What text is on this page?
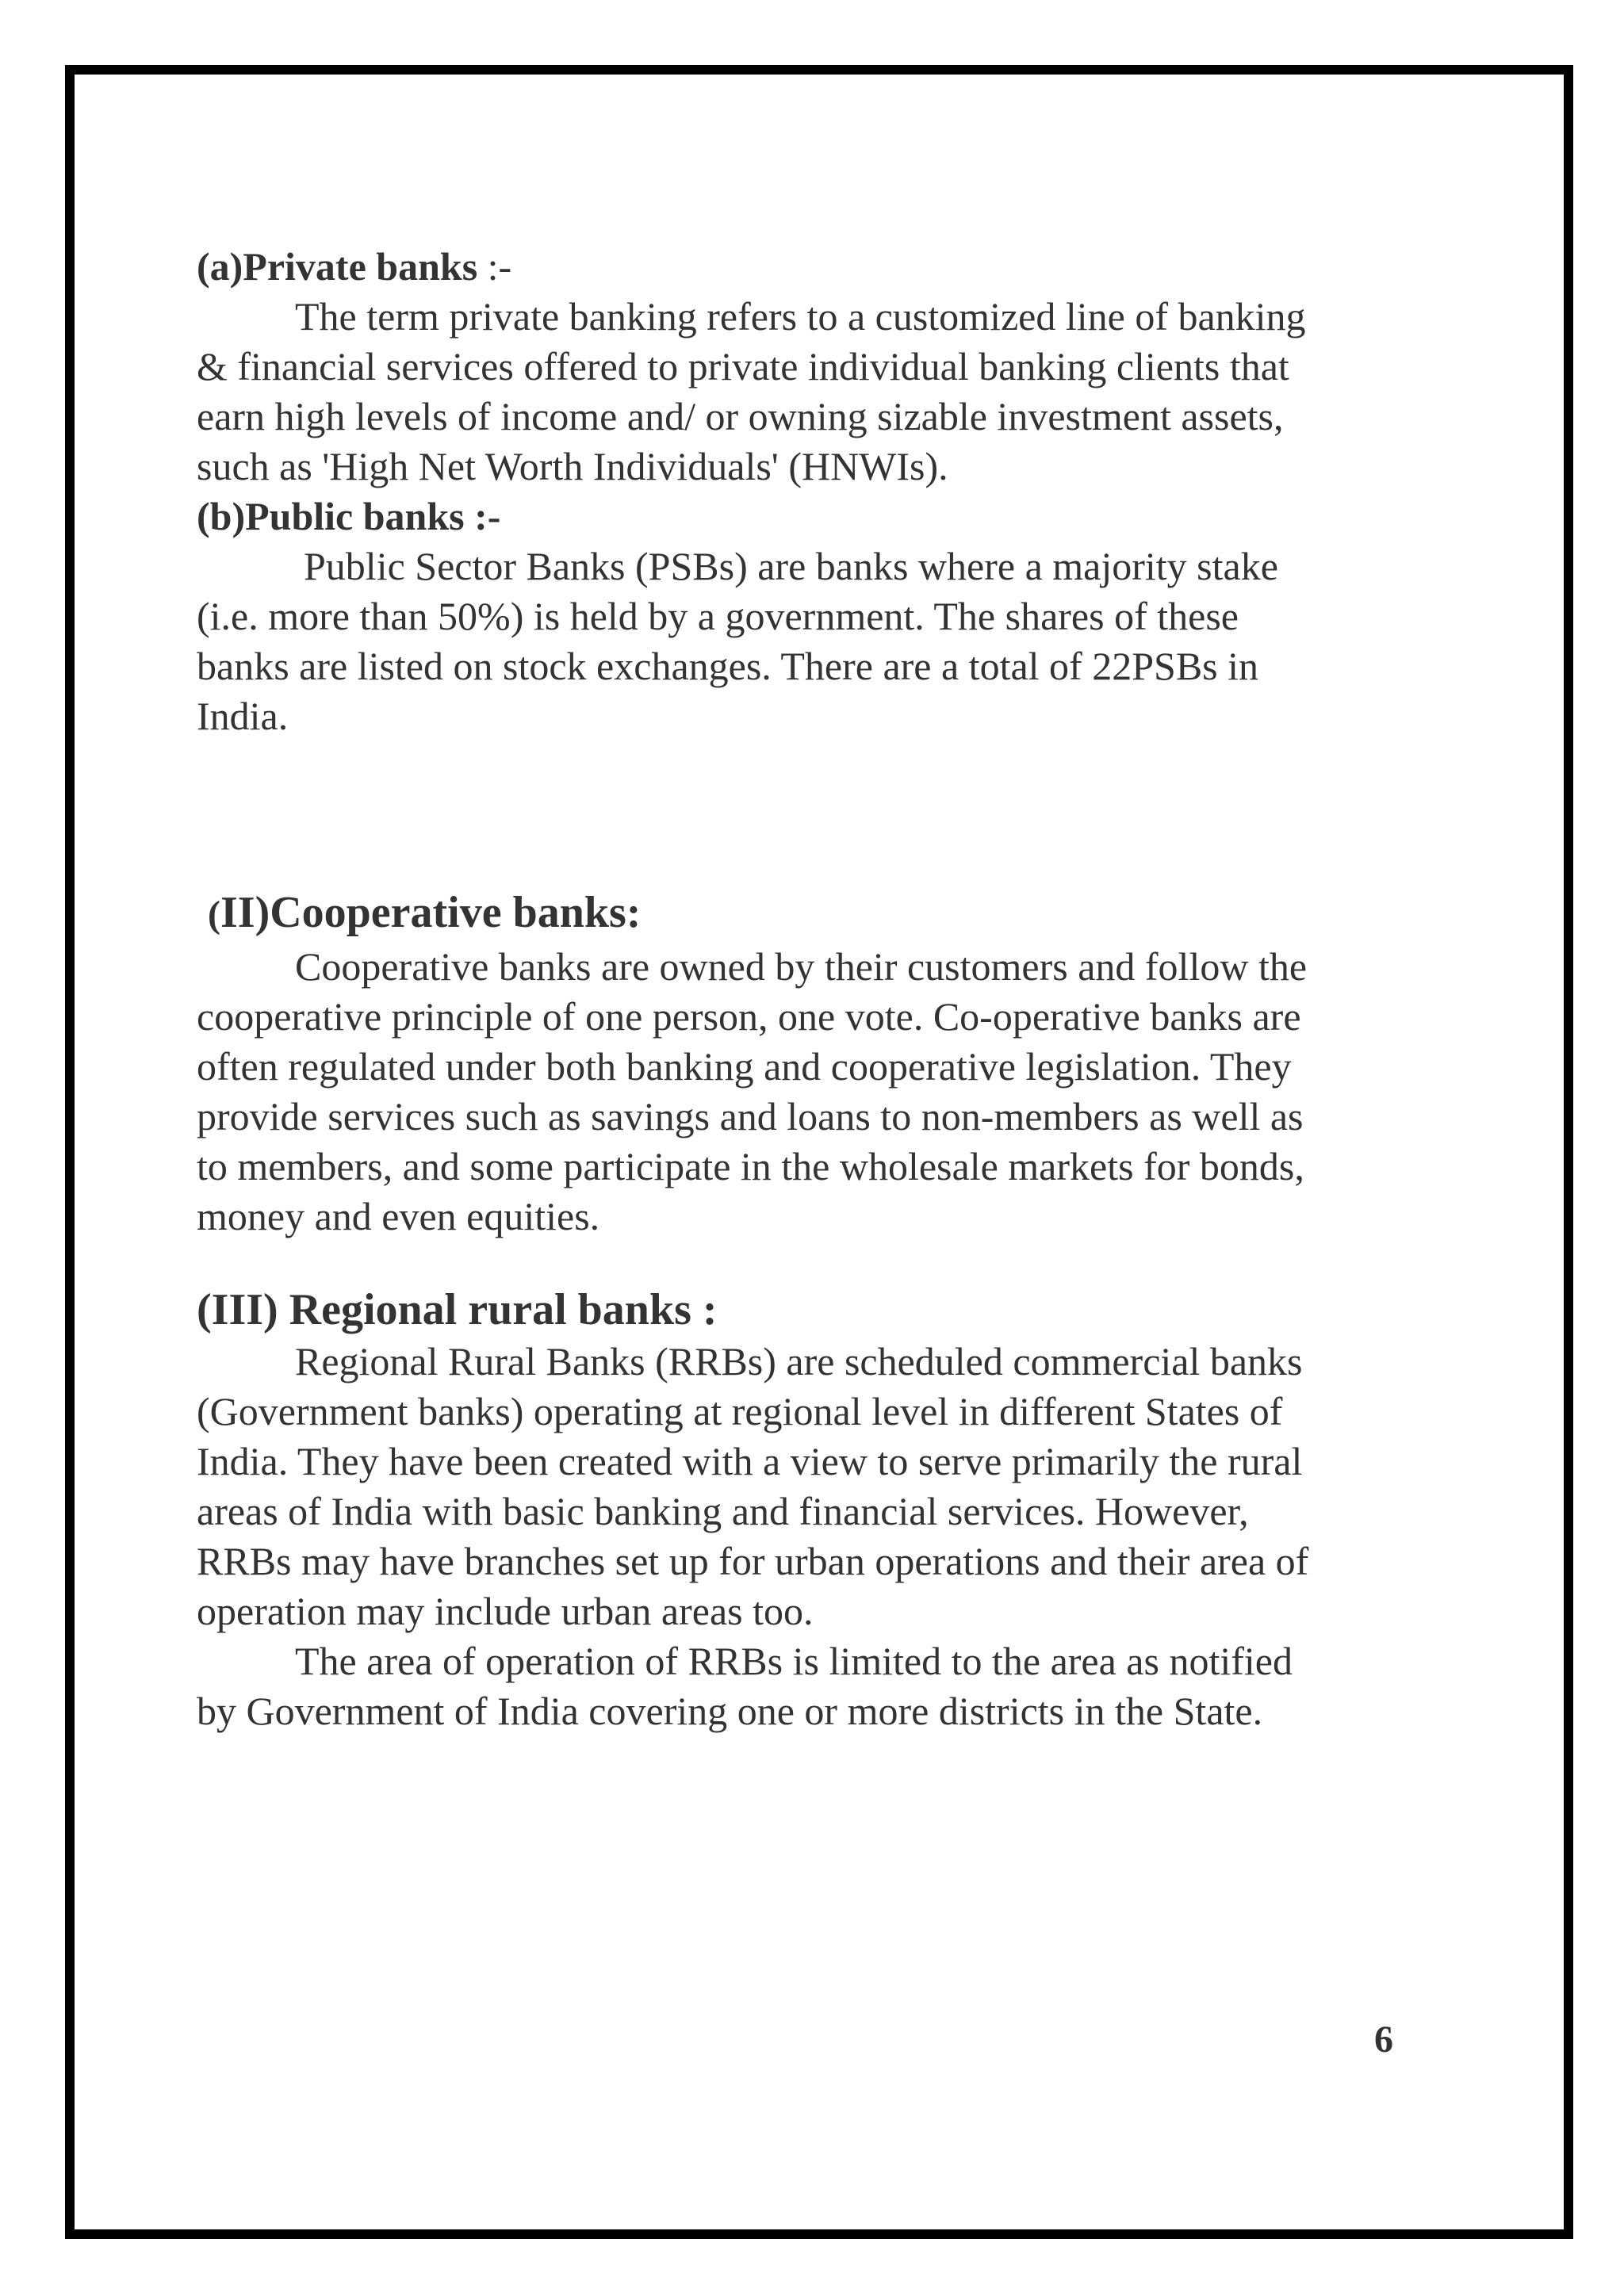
(a)Private banks :-
The term private banking refers to a customized line of banking
& financial services offered to private individual banking clients that
earn high levels of income and/ or owning sizable investment assets,
such as 'High Net Worth Individuals' (HNWIs).
(b)Public banks :-
Public Sector Banks (PSBs) are banks where a majority stake
(i.e. more than 50%) is held by a government. The shares of these
banks are listed on stock exchanges. There are a total of 22PSBs in
India.
(II)Cooperative banks:
Cooperative banks are owned by their customers and follow the
cooperative principle of one person, one vote. Co-operative banks are
often regulated under both banking and cooperative legislation. They
provide services such as savings and loans to non-members as well as
to members, and some participate in the wholesale markets for bonds,
money and even equities.
(III) Regional rural banks :
Regional Rural Banks (RRBs) are scheduled commercial banks
(Government banks) operating at regional level in different States of
India. They have been created with a view to serve primarily the rural
areas of India with basic banking and financial services. However,
RRBs may have branches set up for urban operations and their area of
operation may include urban areas too.
The area of operation of RRBs is limited to the area as notified
by Government of India covering one or more districts in the State.
6
